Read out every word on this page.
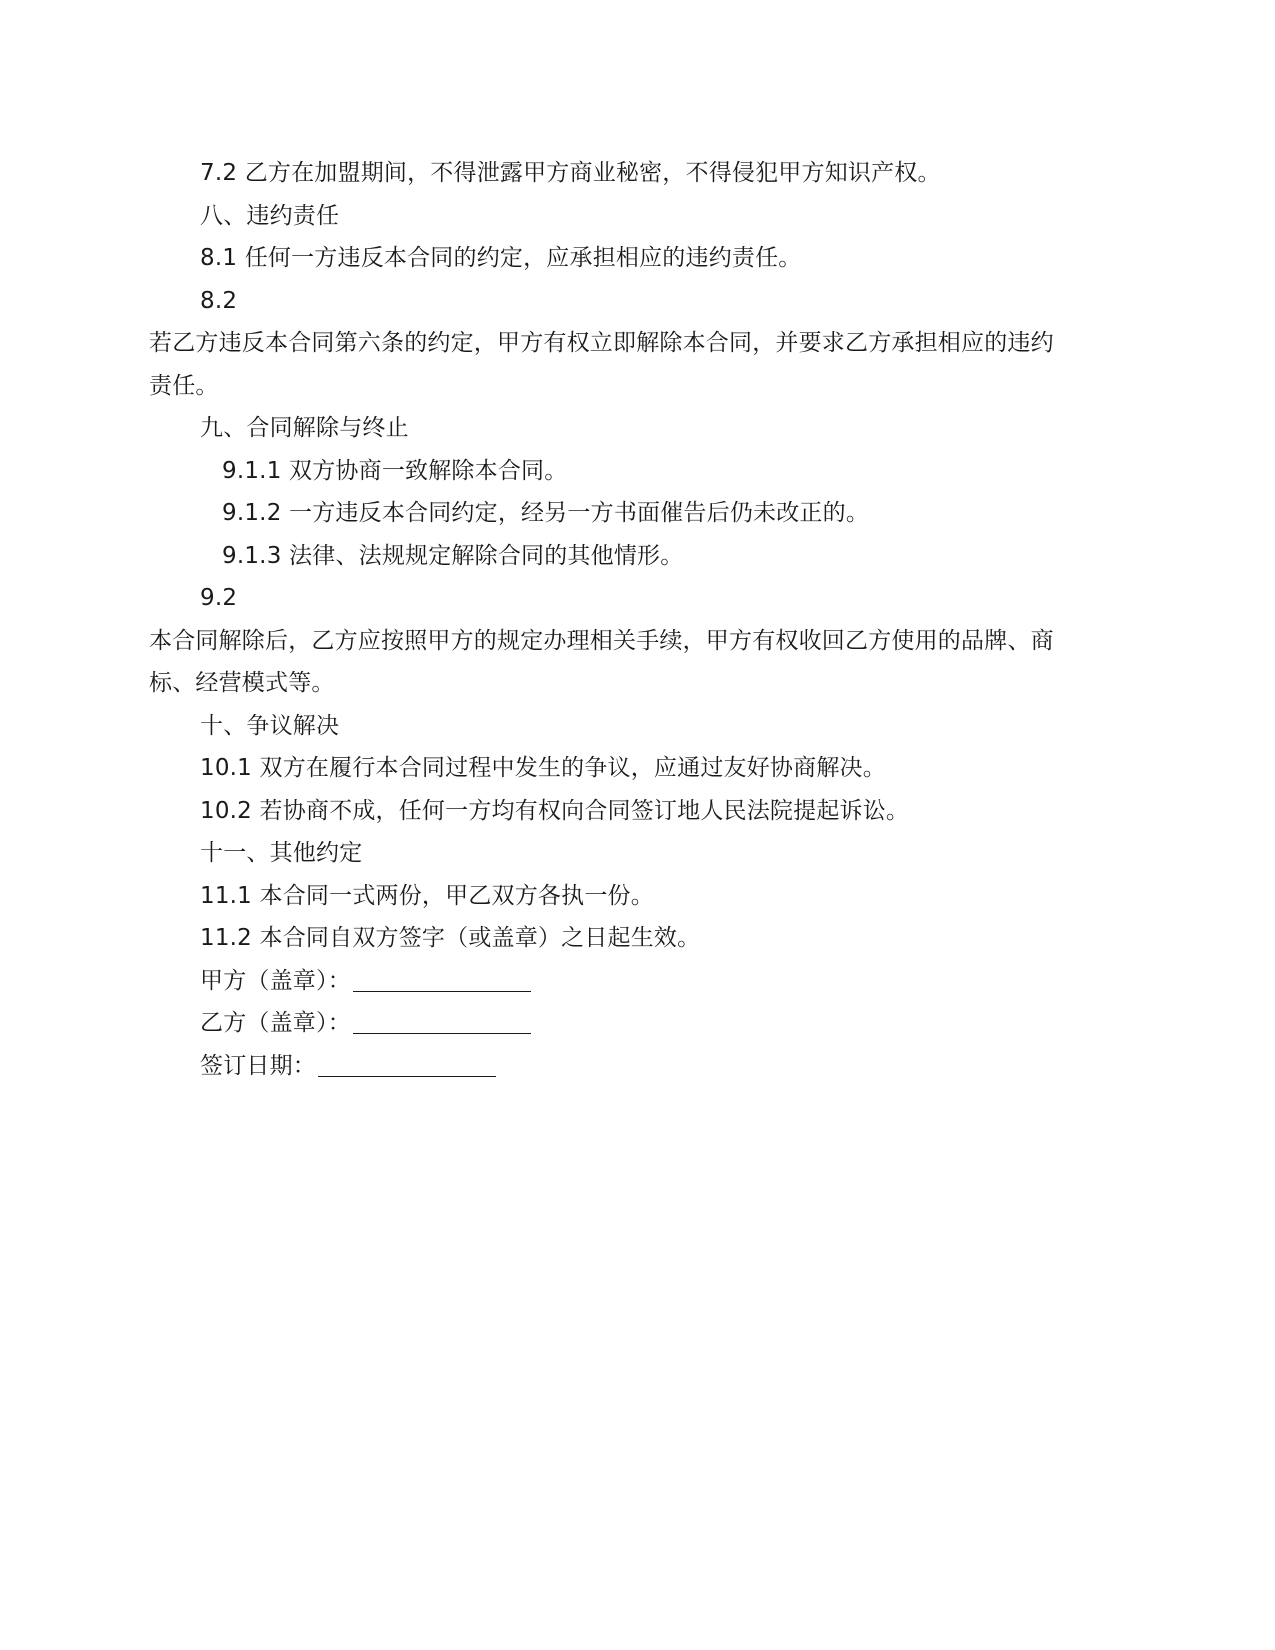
7.2 乙方在加盟期间，不得泄露甲方商业秘密，不得侵犯甲方知识产权。
八、违约责任
8.1 任何一方违反本合同的约定，应承担相应的违约责任。
8.2
若乙方违反本合同第六条的约定，甲方有权立即解除本合同，并要求乙方承担相应的违约
责任。
九、合同解除与终止
9.1.1 双方协商一致解除本合同。
9.1.2 一方违反本合同约定，经另一方书面催告后仍未改正的。
9.1.3 法律、法规规定解除合同的其他情形。
9.2
本合同解除后，乙方应按照甲方的规定办理相关手续，甲方有权收回乙方使用的品牌、商
标、经营模式等。
十、争议解决
10.1 双方在履行本合同过程中发生的争议，应通过友好协商解决。
10.2 若协商不成，任何一方均有权向合同签订地人民法院提起诉讼。
十一、其他约定
11.1 本合同一式两份，甲乙双方各执一份。
11.2 本合同自双方签字（或盖章）之日起生效。
甲方（盖章）：
乙方（盖章）：
签订日期：
